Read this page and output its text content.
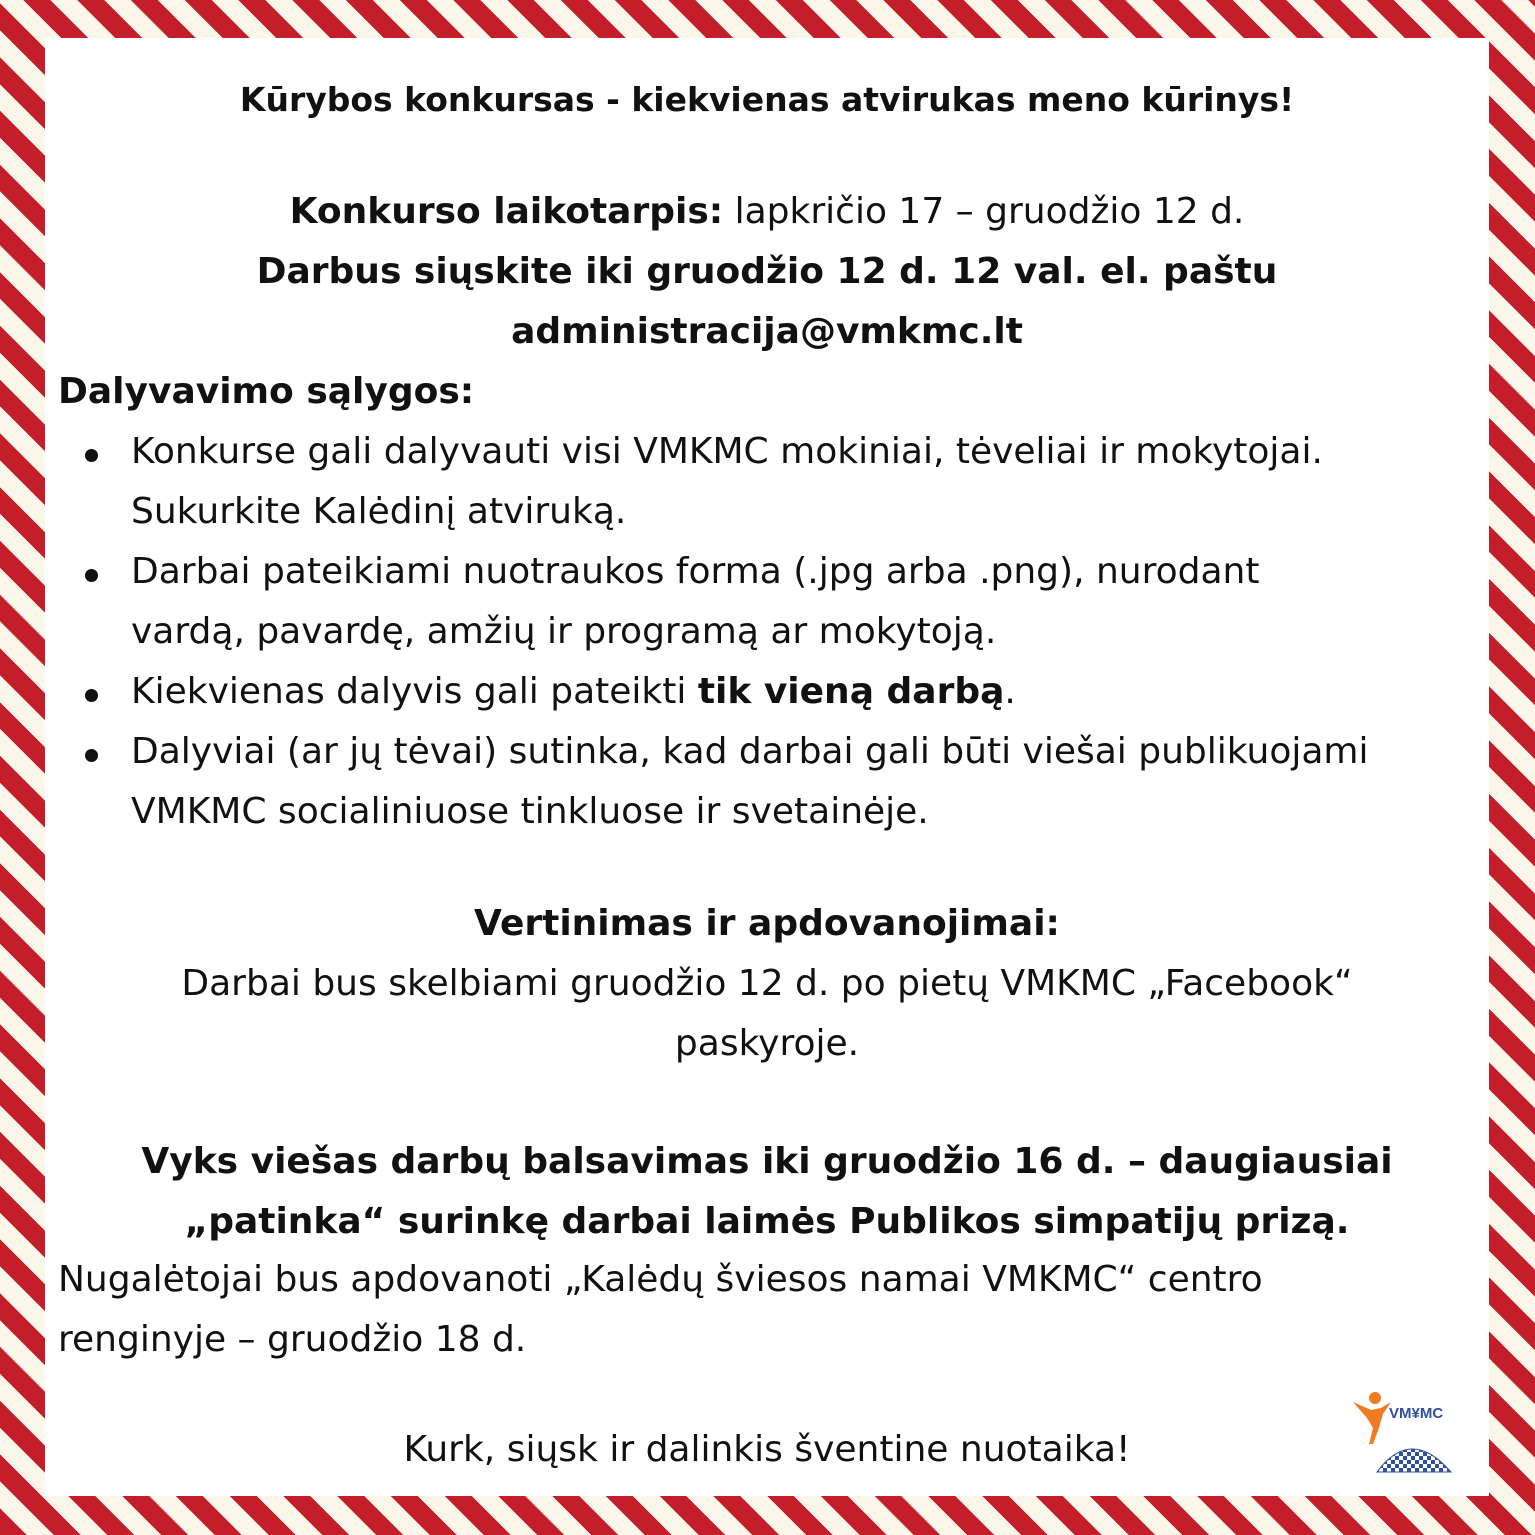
Kūrybos konkursas - kiekvienas atvirukas meno kūrinys!

Konkurso laikotarpis: lapkričio 17 – gruodžio 12 d.

Darbus siųskite iki gruodžio 12 d. 12 val. el. paštu

administracija@vmkmc.lt

Dalyvavimo sąlygos:

Konkurse gali dalyvauti visi VMKMC mokiniai, tėveliai ir mokytojai.

Sukurkite Kalėdinį atviruką.

Darbai pateikiami nuotraukos forma (.jpg arba .png), nurodant

vardą, pavardę, amžių ir programą ar mokytoją.

Kiekvienas dalyvis gali pateikti tik vieną darbą.

Dalyviai (ar jų tėvai) sutinka, kad darbai gali būti viešai publikuojami

VMKMC socialiniuose tinkluose ir svetainėje.

Vertinimas ir apdovanojimai:

Darbai bus skelbiami gruodžio 12 d. po pietų VMKMC „Facebook“

paskyroje.

Vyks viešas darbų balsavimas iki gruodžio 16 d. – daugiausiai

„patinka“ surinkę darbai laimės Publikos simpatijų prizą.

Nugalėtojai bus apdovanoti „Kalėdų šviesos namai VMKMC“ centro

renginyje – gruodžio 18 d.

Kurk, siųsk ir dalinkis šventine nuotaika!

VM¥MC
